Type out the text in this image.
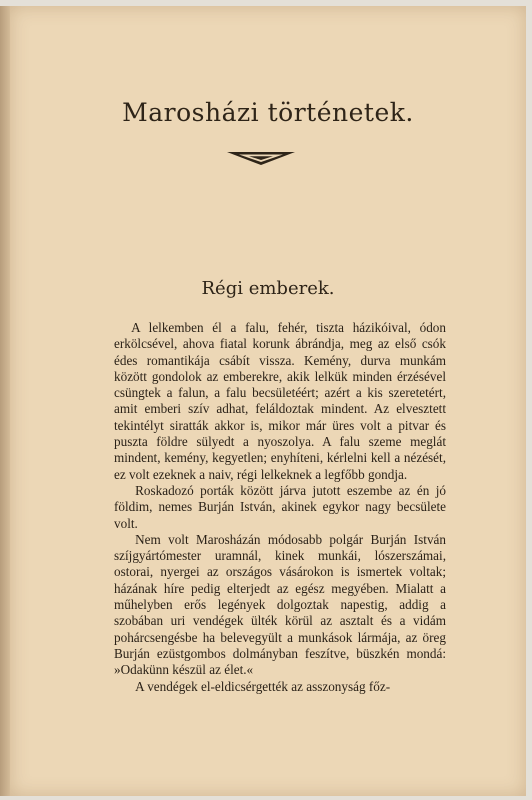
Marosházi történetek.
Régi emberek.

A lelkemben él a falu, fehér, tiszta házikóival, ódon erkölcsével, ahova fiatal korunk ábrándja, meg az első csók édes romantikája csábít vissza. Kemény, durva munkám között gondolok az emberekre, akik lelkük minden érzésével csüngtek a falun, a falu becsületéért; azért a kis szeretetért, amit emberi szív adhat, feláldoztak mindent. Az elvesztett tekintélyt siratták akkor is, mikor már üres volt a pitvar és puszta földre sülyedt a nyoszolya. A falu szeme meglát mindent, kemény, kegyetlen; enyhíteni, kérlelni kell a nézését, ez volt ezeknek a naiv, régi lelkeknek a legfőbb gondja.

Roskadozó porták között járva jutott eszembe az én jó földim, nemes Burján István, akinek egykor nagy becsülete volt.

Nem volt Marosházán módosabb polgár Burján István szíjgyártómester uramnál, kinek munkái, lószerszámai, ostorai, nyergei az országos vásárokon is ismertek voltak; házának híre pedig elterjedt az egész megyében. Mialatt a műhelyben erős legények dolgoztak napestig, addig a szobában uri vendégek ülték körül az asztalt és a vidám pohárcsengésbe ha belevegyült a munkások lármája, az öreg Burján ezüstgombos dolmányban feszítve, büszkén mondá: »Odakünn készül az élet.«

A vendégek el-eldicsérgették az asszonyság főz-
